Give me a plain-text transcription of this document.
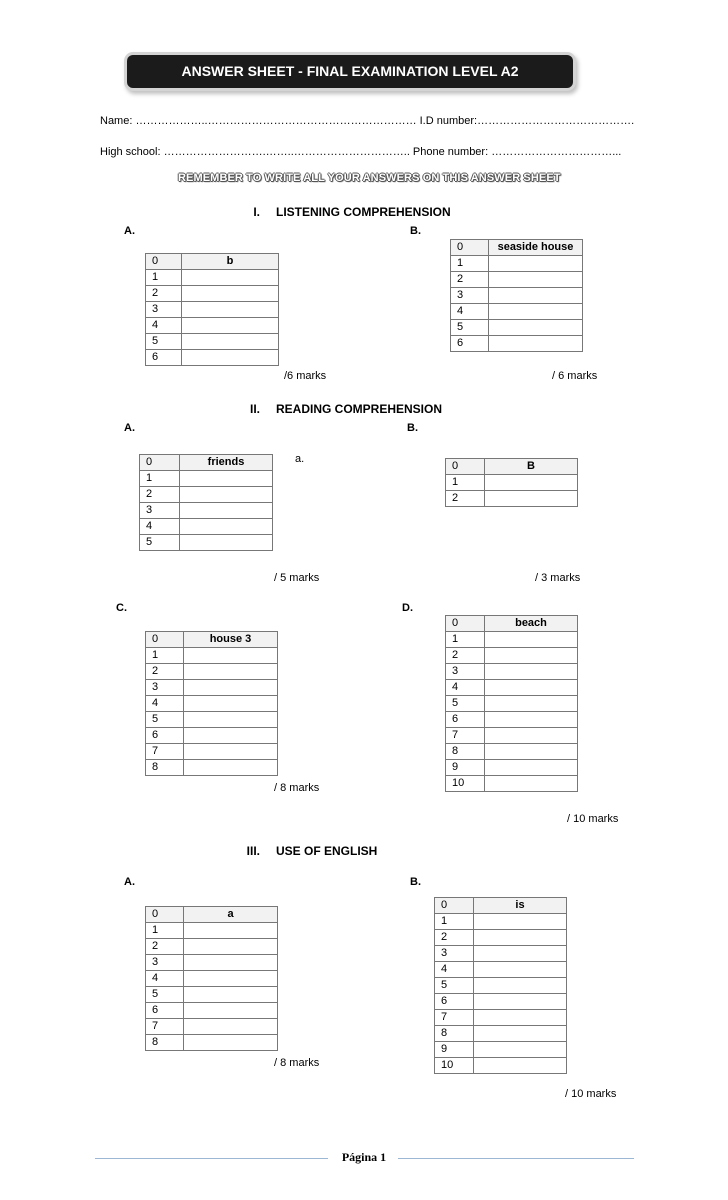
ANSWER SHEET - FINAL EXAMINATION LEVEL A2
Name: ………………..………………………………………………… I.D number:…………………………………….
High school: ……………………….……..………………………….. Phone number: ……………………………...
REMEMBER TO WRITE ALL YOUR ANSWERS ON THIS ANSWER SHEET
I. LISTENING COMPREHENSION
A.	B.
0	b
1	
2	
3	
4	
5	
6	
0	seaside house
1	
2	
3	
4	
5	
6	
/6 marks	/ 6 marks
II. READING COMPREHENSION
A.	B.
0	friends
1	
2	
3	
4	
5	
a.
0	B
1	
2	
/ 5 marks	/ 3 marks
C.	D.
0	house 3
1	
2	
3	
4	
5	
6	
7	
8	
0	beach
1	
2	
3	
4	
5	
6	
7	
8	
9	
10	
/ 8 marks
/ 10 marks
III. USE OF ENGLISH
A.	B.
0	a
1	
2	
3	
4	
5	
6	
7	
8	
0	is
1	
2	
3	
4	
5	
6	
7	
8	
9	
10	
/ 8 marks
/ 10 marks
Página 1
